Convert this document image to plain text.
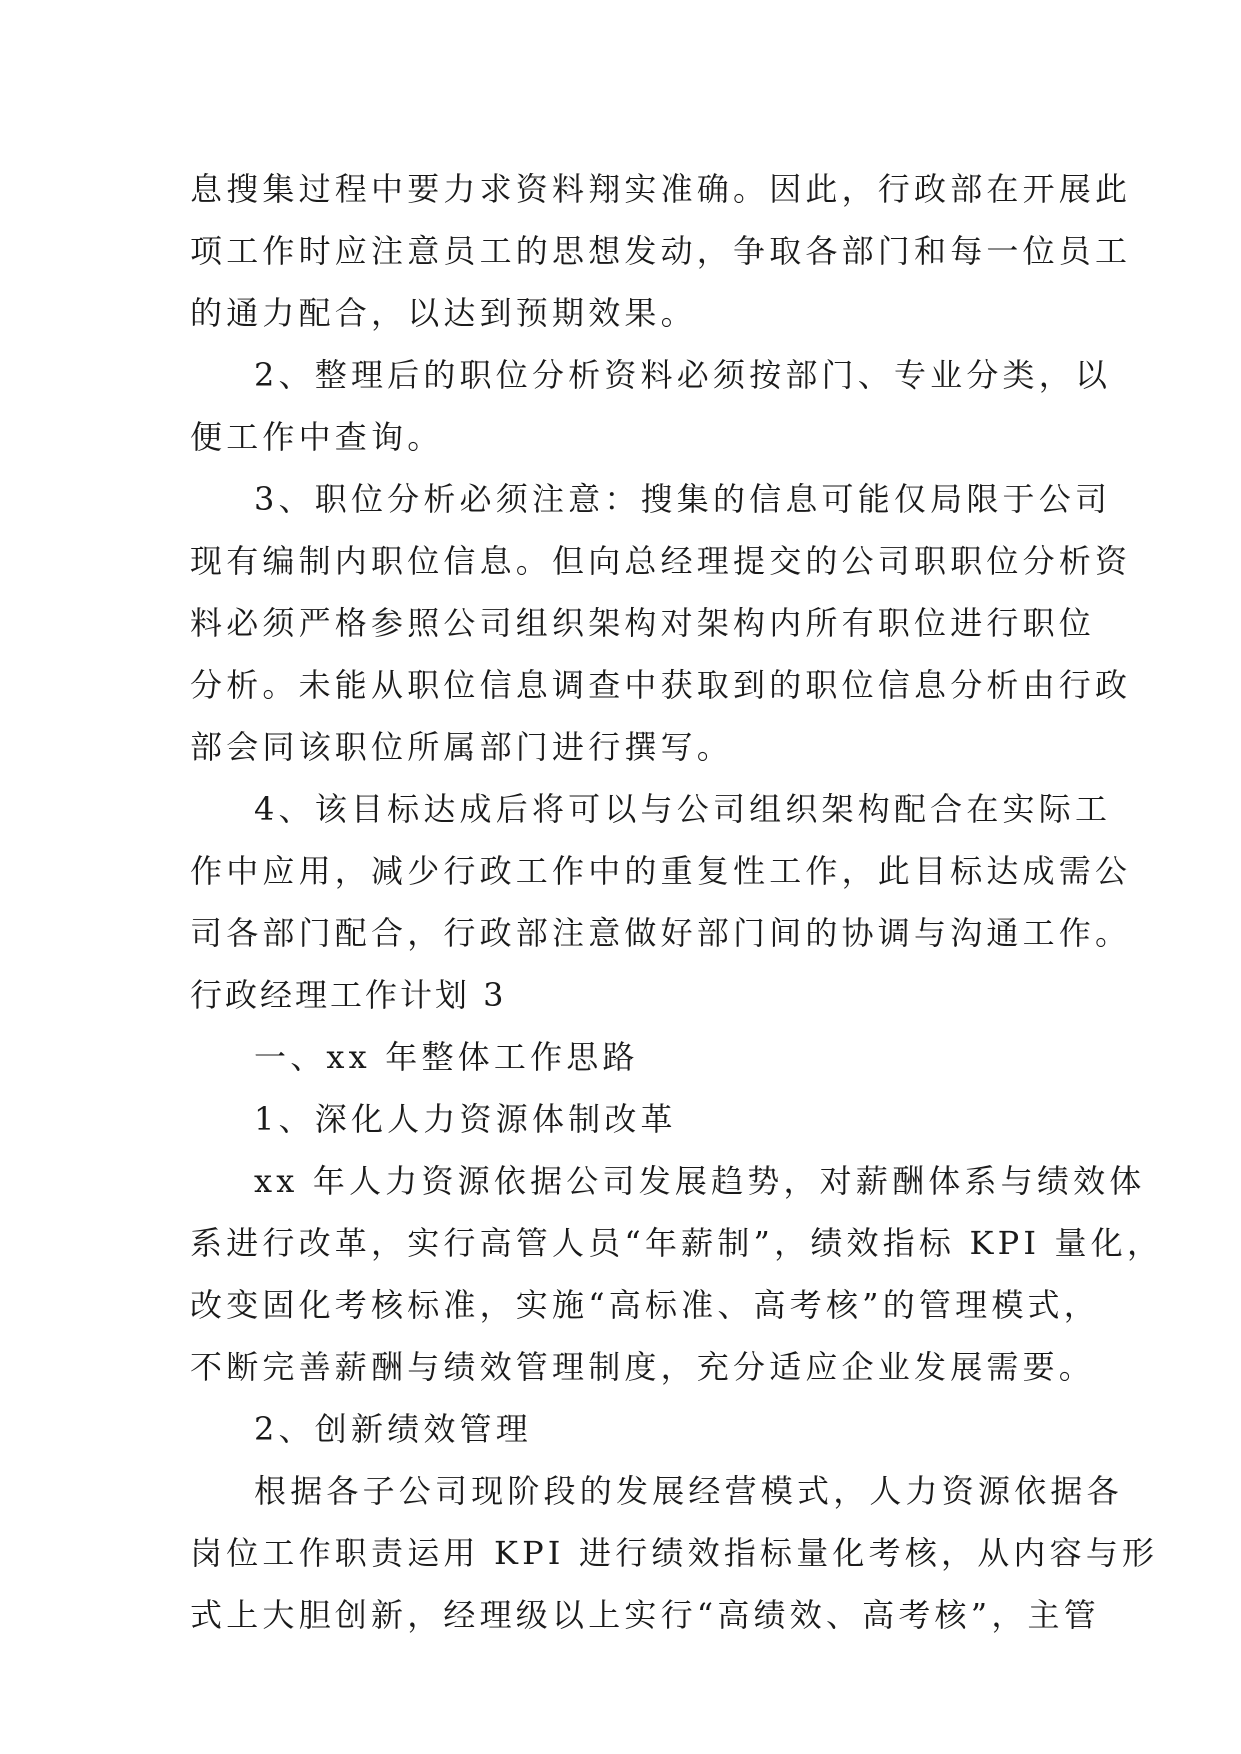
息搜集过程中要力求资料翔实准确。因此，行政部在开展此
项工作时应注意员工的思想发动，争取各部门和每一位员工
的通力配合，以达到预期效果。
2、整理后的职位分析资料必须按部门、专业分类，以
便工作中查询。
3、职位分析必须注意：搜集的信息可能仅局限于公司
现有编制内职位信息。但向总经理提交的公司职职位分析资
料必须严格参照公司组织架构对架构内所有职位进行职位
分析。未能从职位信息调查中获取到的职位信息分析由行政
部会同该职位所属部门进行撰写。
4、该目标达成后将可以与公司组织架构配合在实际工
作中应用，减少行政工作中的重复性工作，此目标达成需公
司各部门配合，行政部注意做好部门间的协调与沟通工作。
行政经理工作计划 3
一、xx 年整体工作思路
1、深化人力资源体制改革
xx 年人力资源依据公司发展趋势，对薪酬体系与绩效体
系进行改革，实行高管人员“年薪制”，绩效指标 KPI 量化，
改变固化考核标准，实施“高标准、高考核”的管理模式，
不断完善薪酬与绩效管理制度，充分适应企业发展需要。
2、创新绩效管理
根据各子公司现阶段的发展经营模式，人力资源依据各
岗位工作职责运用 KPI 进行绩效指标量化考核，从内容与形
式上大胆创新，经理级以上实行“高绩效、高考核”，主管
